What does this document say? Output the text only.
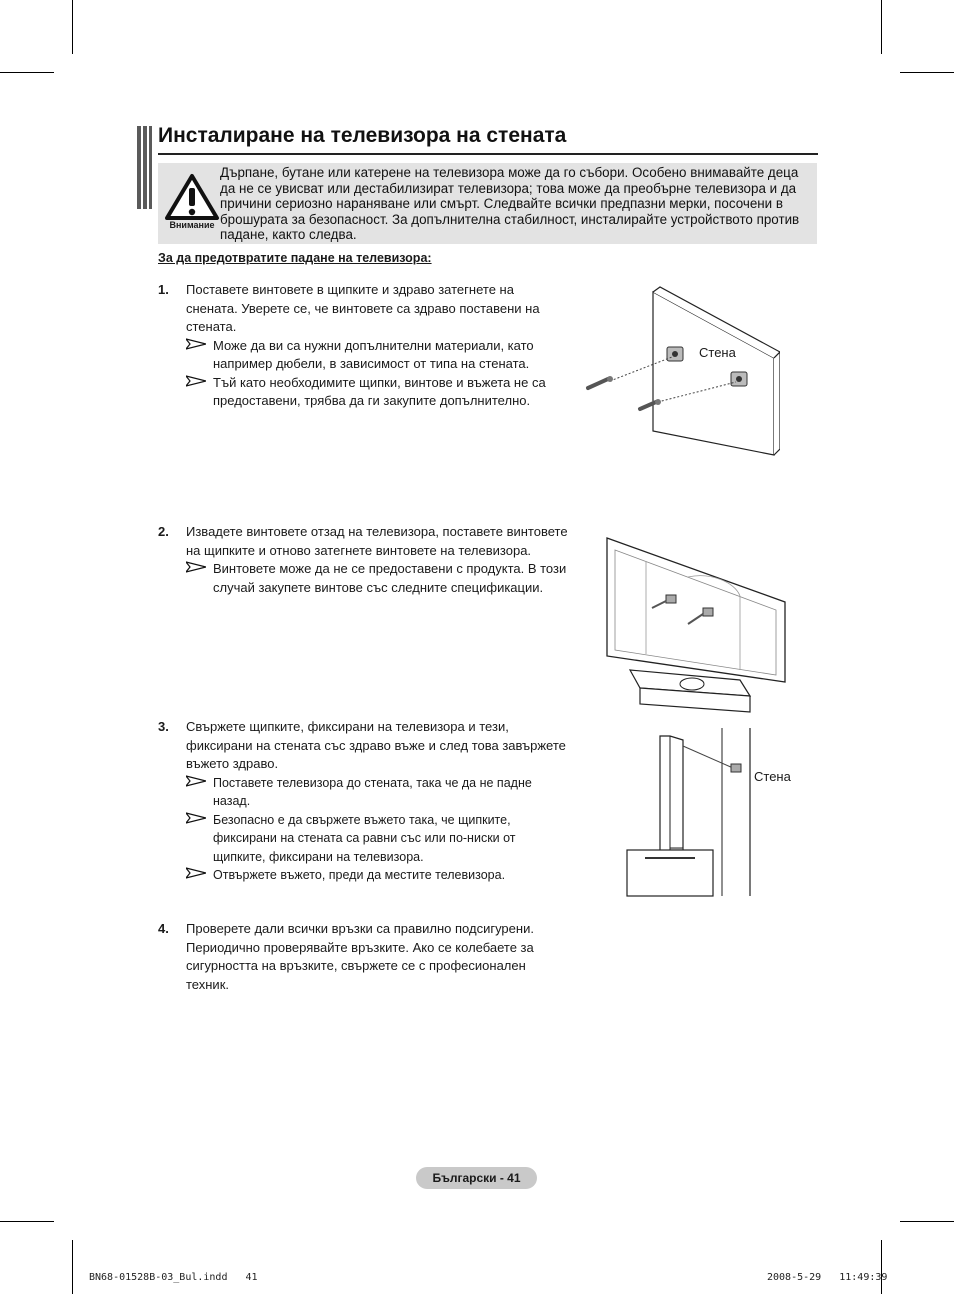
Инсталиране на телевизора на стената
Внимание
Дърпане, бутане или катерене на телевизора може да го събори. Особено внимавайте деца да не се увисват или дестабилизират телевизора; това може да преобърне телевизора и да причини сериозно нараняване или смърт. Следвайте всички предпазни мерки, посочени в брошурата за безопасност. За допълнителна стабилност, инсталирайте устройството против падане, както следва.
За да предотвратите падане на телевизора:
1. Поставете винтовете в щипките и здраво затегнете на снената. Уверете се, че винтовете са здраво поставени на стената.
Може да ви са нужни допълнителни материали, като например дюбели, в зависимост от типа на стената.
Тъй като необходимите щипки, винтове и въжета не са предоставени, трябва да ги закупите допълнително.
2. Извадете винтовете отзад на телевизора, поставете винтовете на щипките и отново затегнете винтовете на телевизора.
Винтовете може да не се предоставени с продукта. В този случай закупете винтове със следните спецификации.
3. Свържете щипките, фиксирани на телевизора и тези, фиксирани на стената със здраво въже и след това завържете въжето здраво.
Поставете телевизора до стената, така че да не падне назад.
Безопасно е да свържете въжето така, че щипките, фиксирани на стената са равни със или по-ниски от щипките, фиксирани на телевизора.
Отвържете въжето, преди да местите телевизора.
4. Проверете дали всички връзки са правилно подсигурени. Периодично проверявайте връзките. Ако се колебаете за сигурността на връзките, свържете се с професионален техник.
Стена
Стена
Български - 41
BN68-01528B-03_Bul.indd   41	2008-5-29   11:49:39
